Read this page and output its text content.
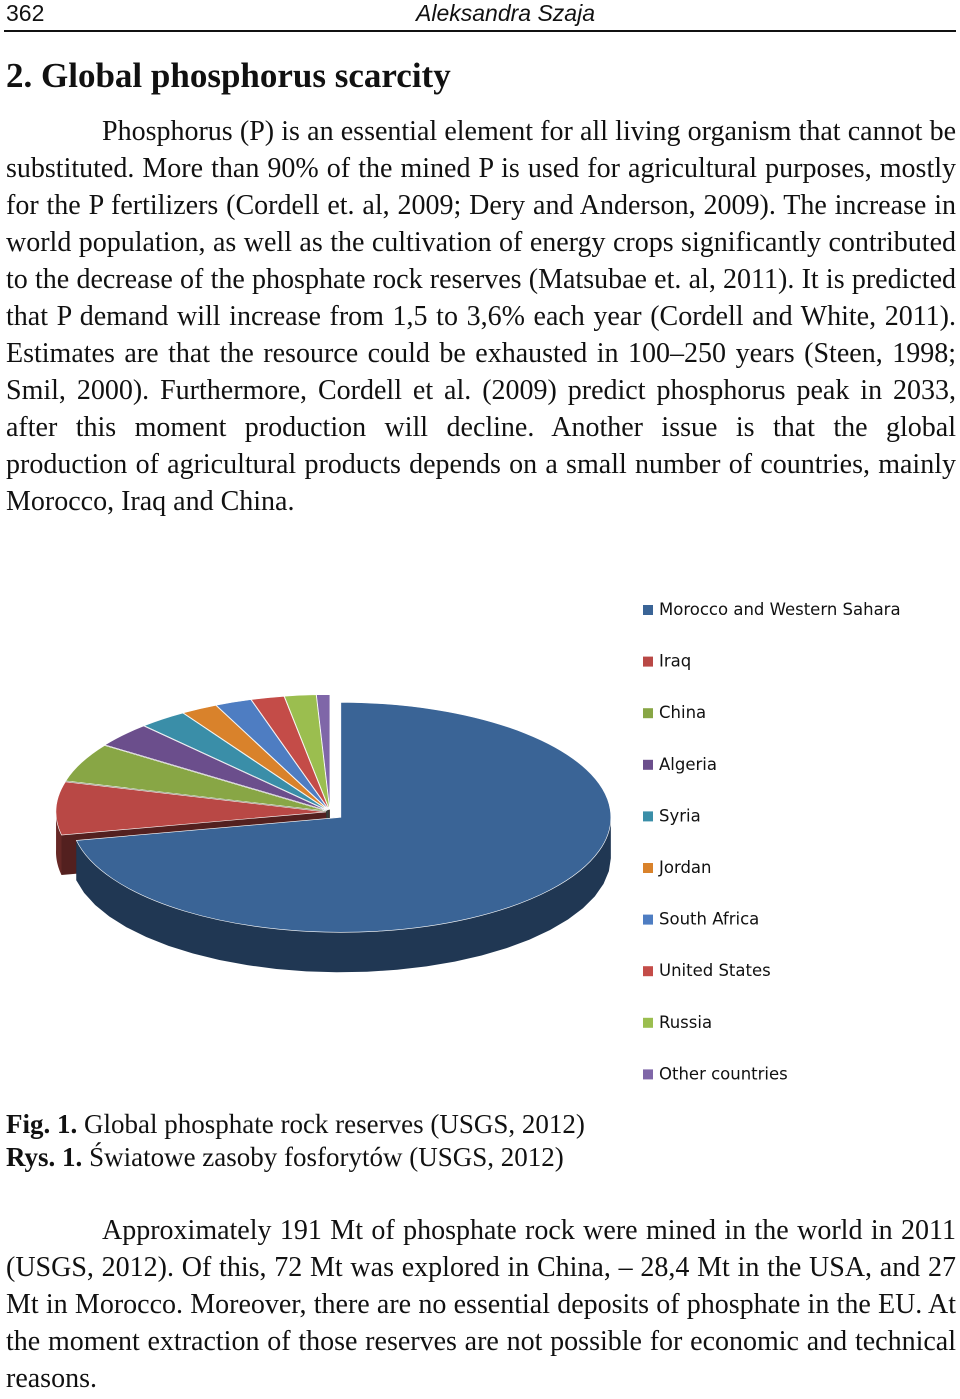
362	Aleksandra Szaja
2. Global phosphorus scarcity

Phosphorus (P) is an essential element for all living organism that cannot be substituted. More than 90% of the mined P is used for agricultural purposes, mostly for the P fertilizers (Cordell et. al, 2009; Dery and Anderson, 2009). The increase in world population, as well as the cultivation of energy crops significantly contributed to the decrease of the phosphate rock reserves (Matsubae et. al, 2011). It is predicted that P demand will increase from 1,5 to 3,6% each year (Cordell and White, 2011). Estimates are that the resource could be exhausted in 100–250 years (Steen, 1998; Smil, 2000). Furthermore, Cordell et al. (2009) predict phosphorus peak in 2033, after this moment production will decline. Another issue is that the global production of agricultural products depends on a small number of countries, mainly Morocco, Iraq and China.

Morocco and Western Sahara
Iraq
China
Algeria
Syria
Jordan
South Africa
United States
Russia
Other countries

Fig. 1. Global phosphate rock reserves (USGS, 2012)

Rys. 1. Światowe zasoby fosforytów (USGS, 2012)

Approximately 191 Mt of phosphate rock were mined in the world in 2011 (USGS, 2012). Of this, 72 Mt was explored in China, – 28,4 Mt in the USA, and 27 Mt in Morocco. Moreover, there are no essential deposits of phosphate in the EU. At the moment extraction of those reserves are not possible for economic and technical reasons.
